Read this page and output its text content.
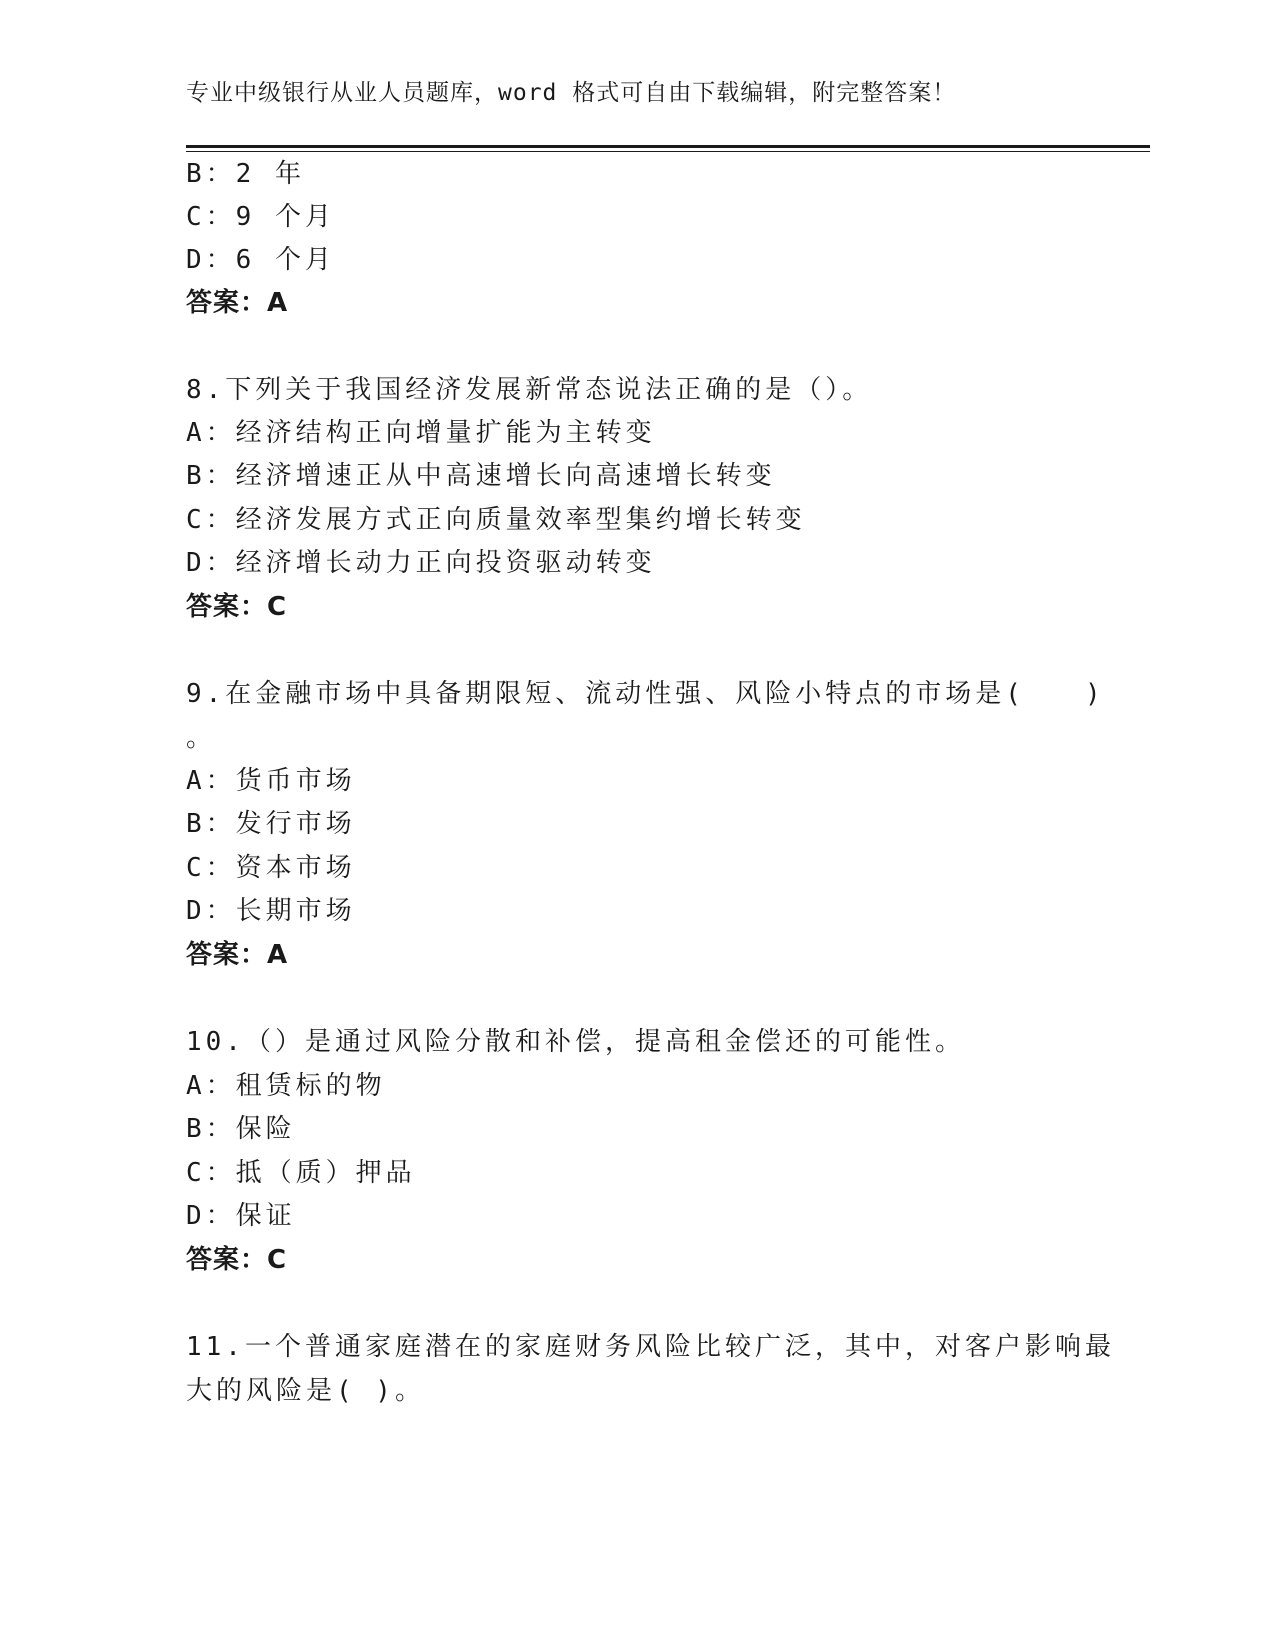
专业中级银行从业人员题库，word 格式可自由下载编辑，附完整答案！
B：2 年
C：9 个月
D：6 个月
答案：A
8.下列关于我国经济发展新常态说法正确的是（）。
A：经济结构正向增量扩能为主转变
B：经济增速正从中高速增长向高速增长转变
C：经济发展方式正向质量效率型集约增长转变
D：经济增长动力正向投资驱动转变
答案：C
9.在金融市场中具备期限短、流动性强、风险小特点的市场是(　　)
。
A：货币市场
B：发行市场
C：资本市场
D：长期市场
答案：A
10.（）是通过风险分散和补偿，提高租金偿还的可能性。
A：租赁标的物
B：保险
C：抵（质）押品
D：保证
答案：C
11.一个普通家庭潜在的家庭财务风险比较广泛，其中，对客户影响最
大的风险是( )。
